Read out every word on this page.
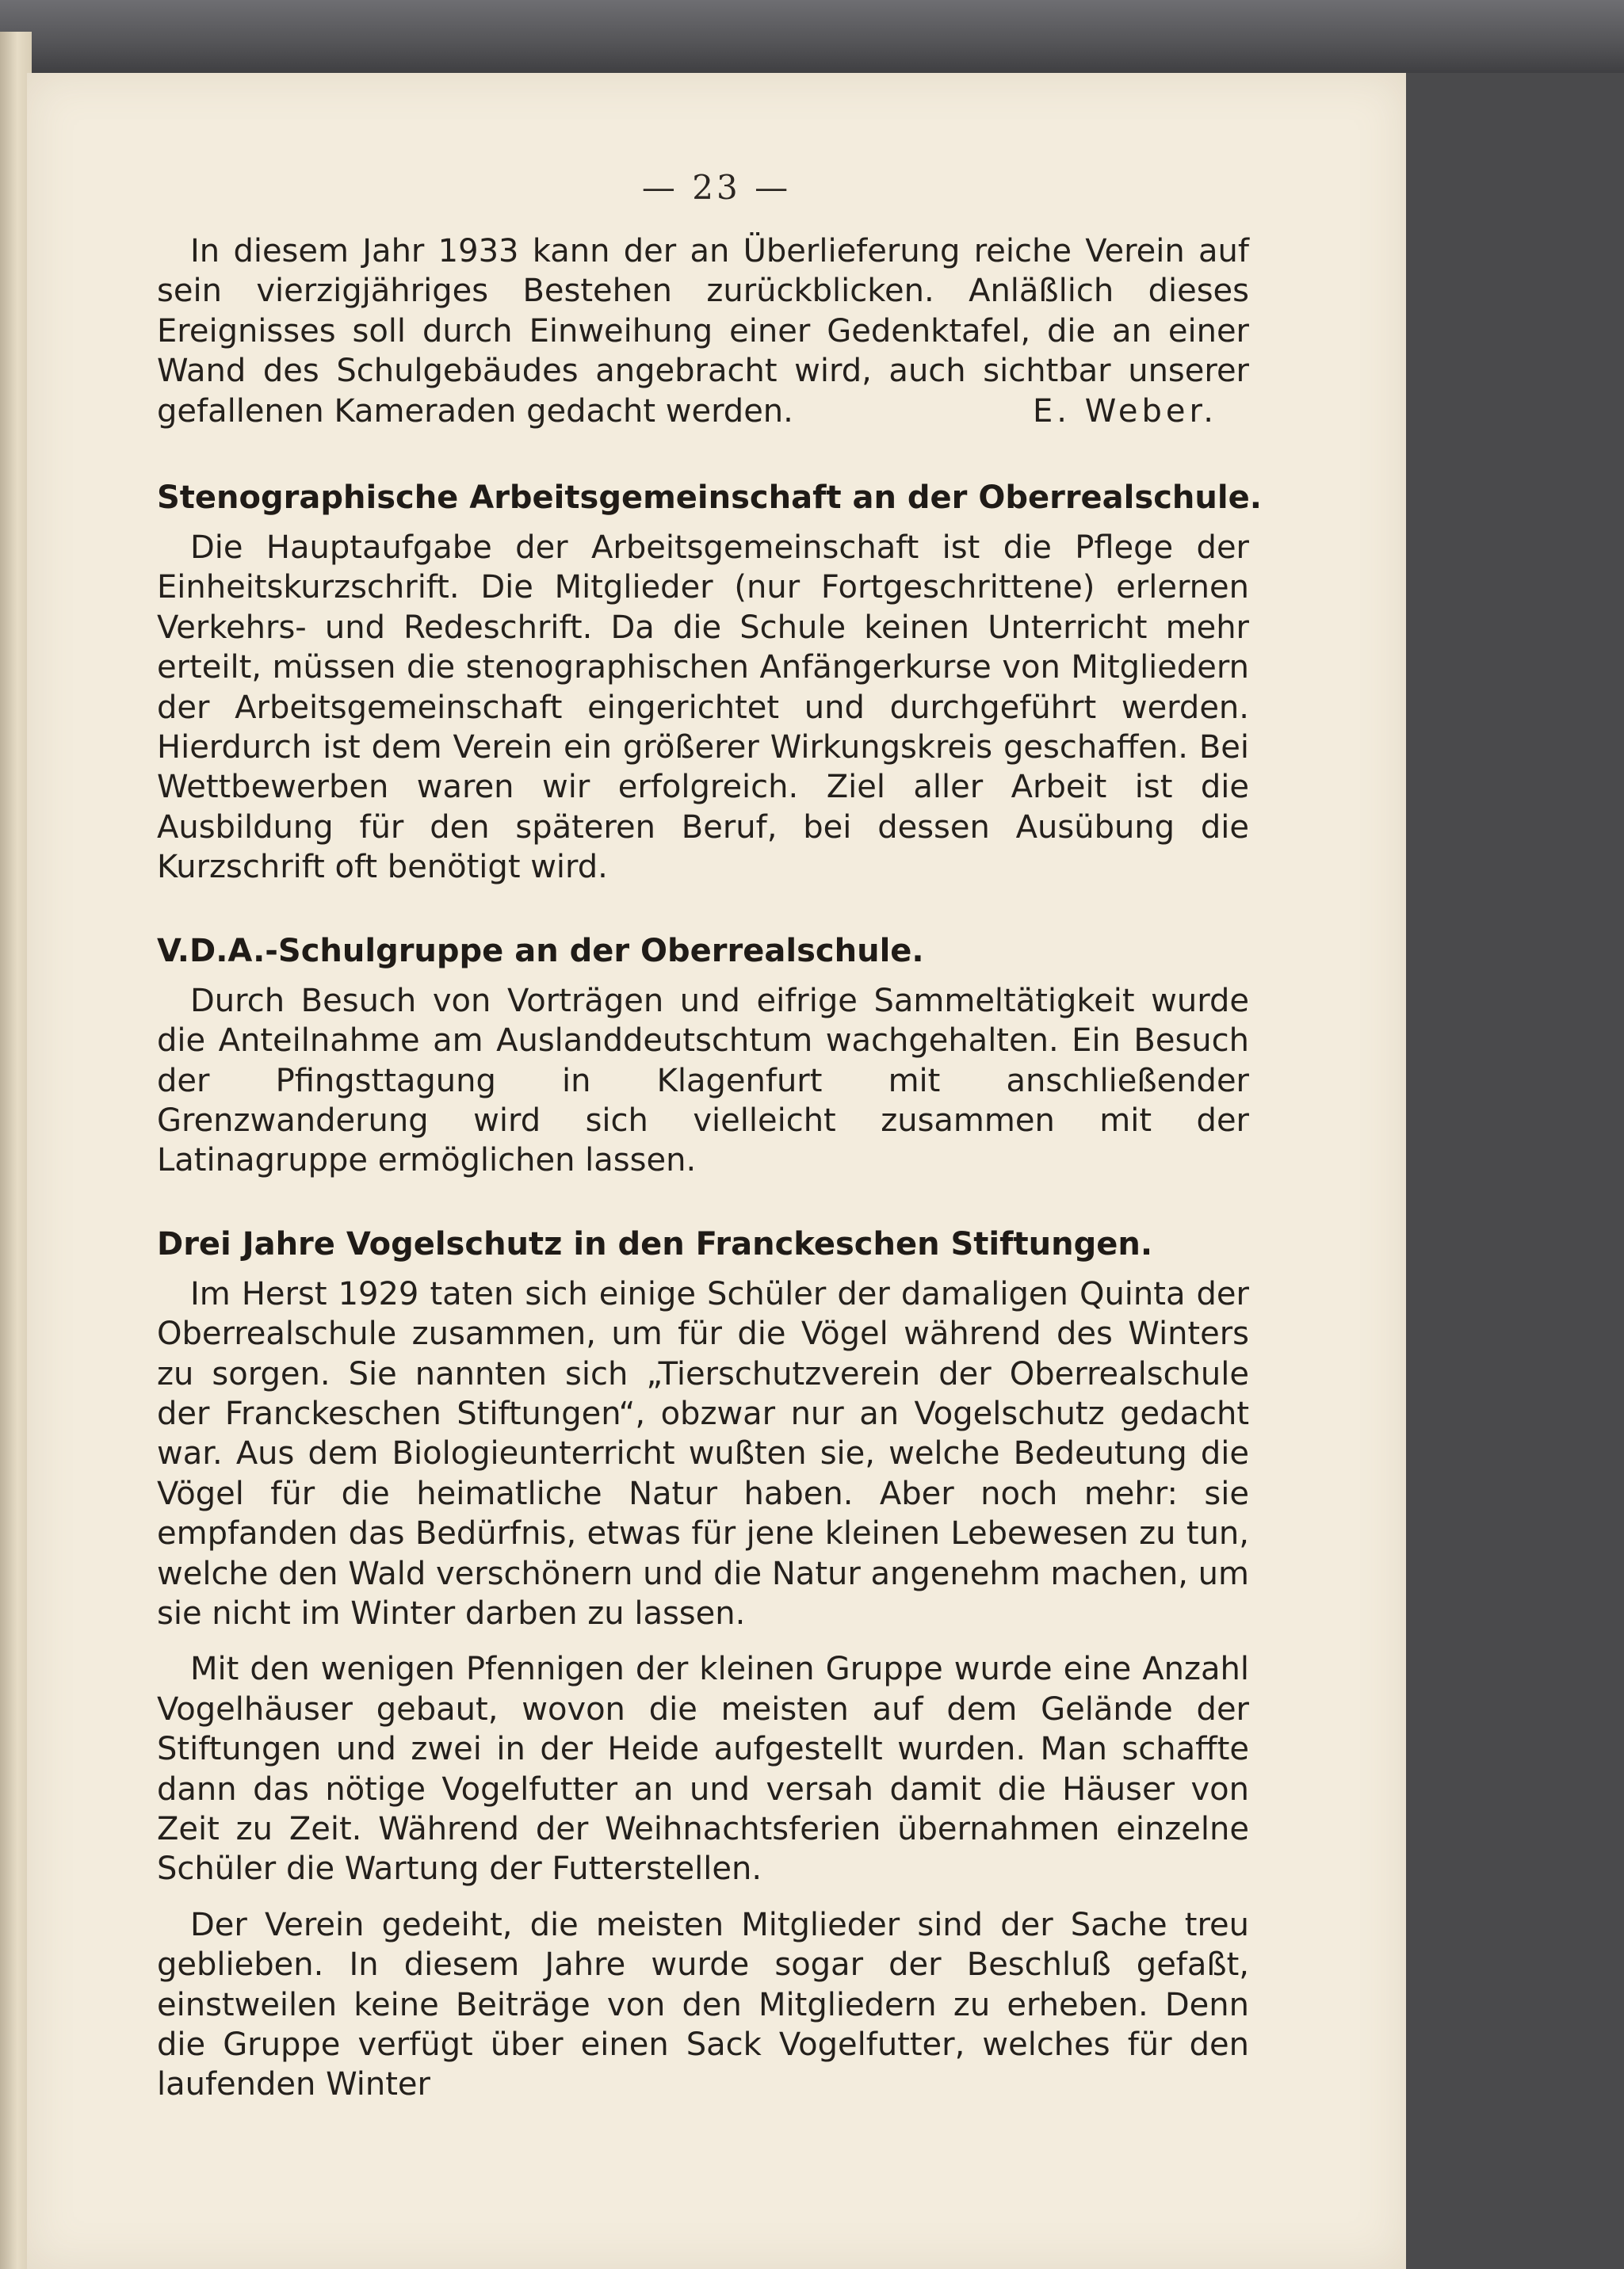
— 23 —

In diesem Jahr 1933 kann der an Überlieferung reiche Verein auf sein vierzigjähriges Bestehen zurückblicken. Anläßlich dieses Ereignisses soll durch Einweihung einer Gedenktafel, die an einer Wand des Schulgebäudes angebracht wird, auch sichtbar unserer gefallenen Kameraden gedacht werden.	E. Weber.

Stenographische Arbeitsgemeinschaft an der Oberrealschule.

Die Hauptaufgabe der Arbeitsgemeinschaft ist die Pflege der Einheitskurzschrift. Die Mitglieder (nur Fortgeschrittene) erlernen Verkehrs- und Redeschrift. Da die Schule keinen Unterricht mehr erteilt, müssen die stenographischen Anfängerkurse von Mitgliedern der Arbeitsgemeinschaft eingerichtet und durchgeführt werden. Hierdurch ist dem Verein ein größerer Wirkungskreis geschaffen. Bei Wettbewerben waren wir erfolgreich. Ziel aller Arbeit ist die Ausbildung für den späteren Beruf, bei dessen Ausübung die Kurzschrift oft benötigt wird.

V.D.A.-Schulgruppe an der Oberrealschule.

Durch Besuch von Vorträgen und eifrige Sammeltätigkeit wurde die Anteilnahme am Auslanddeutschtum wachgehalten. Ein Besuch der Pfingsttagung in Klagenfurt mit anschließender Grenzwanderung wird sich vielleicht zusammen mit der Latinagruppe ermöglichen lassen.

Drei Jahre Vogelschutz in den Franckeschen Stiftungen.

Im Herst 1929 taten sich einige Schüler der damaligen Quinta der Oberrealschule zusammen, um für die Vögel während des Winters zu sorgen. Sie nannten sich „Tierschutzverein der Oberrealschule der Franckeschen Stiftungen“, obzwar nur an Vogelschutz gedacht war. Aus dem Biologieunterricht wußten sie, welche Bedeutung die Vögel für die heimatliche Natur haben. Aber noch mehr: sie empfanden das Bedürfnis, etwas für jene kleinen Lebewesen zu tun, welche den Wald verschönern und die Natur angenehm machen, um sie nicht im Winter darben zu lassen.

Mit den wenigen Pfennigen der kleinen Gruppe wurde eine Anzahl Vogelhäuser gebaut, wovon die meisten auf dem Gelände der Stiftungen und zwei in der Heide aufgestellt wurden. Man schaffte dann das nötige Vogelfutter an und versah damit die Häuser von Zeit zu Zeit. Während der Weihnachtsferien übernahmen einzelne Schüler die Wartung der Futterstellen.

Der Verein gedeiht, die meisten Mitglieder sind der Sache treu geblieben. In diesem Jahre wurde sogar der Beschluß gefaßt, einstweilen keine Beiträge von den Mitgliedern zu erheben. Denn die Gruppe verfügt über einen Sack Vogelfutter, welches für den laufenden Winter
